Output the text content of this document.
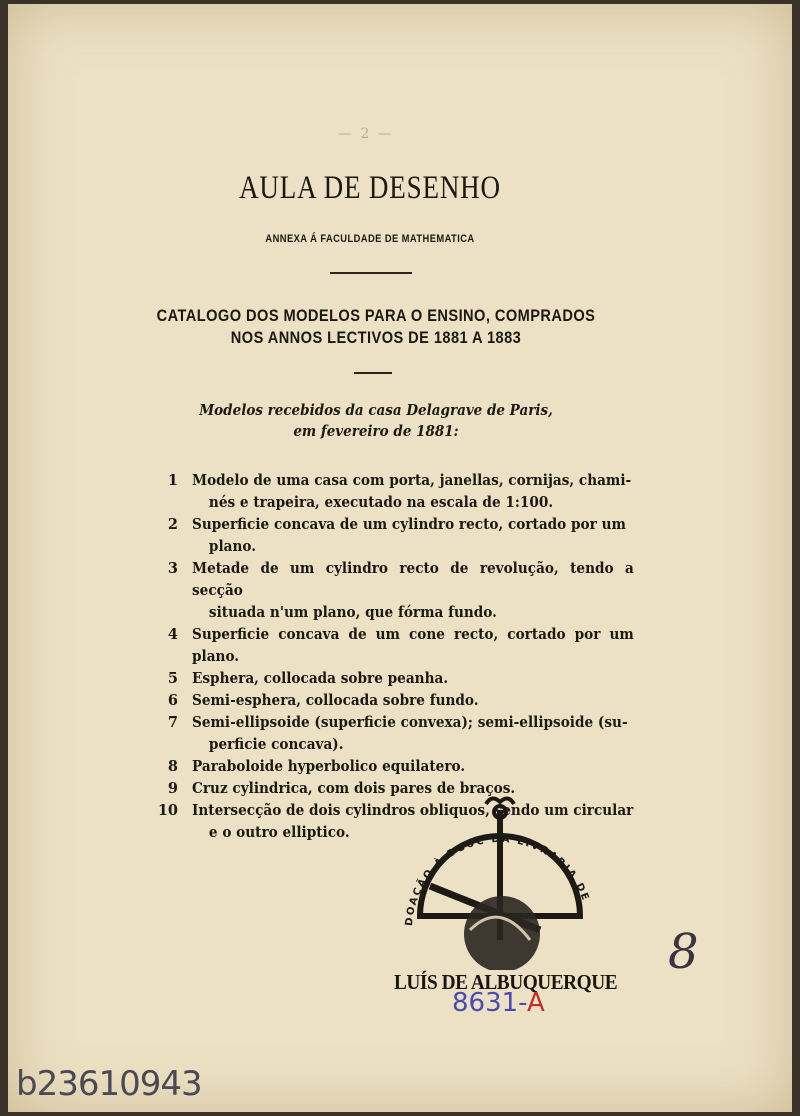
— 2 —
AULA DE DESENHO
ANNEXA Á FACULDADE DE MATHEMATICA
CATALOGO DOS MODELOS PARA O ENSINO, COMPRADOS
NOS ANNOS LECTIVOS DE 1881 A 1883
Modelos recebidos da casa Delagrave de Paris,
em fevereiro de 1881:
1 Modelo de uma casa com porta, janellas, cornijas, chami-
nés e trapeira, executado na escala de 1:100.
2 Superficie concava de um cylindro recto, cortado por um
plano.
3 Metade de um cylindro recto de revolução, tendo a secção
situada n'um plano, que fórma fundo.
4 Superficie concava de um cone recto, cortado por um plano.
5 Esphera, collocada sobre peanha.
6 Semi-esphera, collocada sobre fundo.
7 Semi-ellipsoide (superficie convexa); semi-ellipsoide (su-
perficie concava).
8 Paraboloide hyperbolico equilatero.
9 Cruz cylindrica, com dois pares de braços.
10 Intersecção de dois cylindros obliquos, sendo um circular
e o outro elliptico.
DOAÇÃO À BGUC DA LIVRARIA DE
LUÍS DE ALBUQUERQUE
8631-A
8
b23610943
